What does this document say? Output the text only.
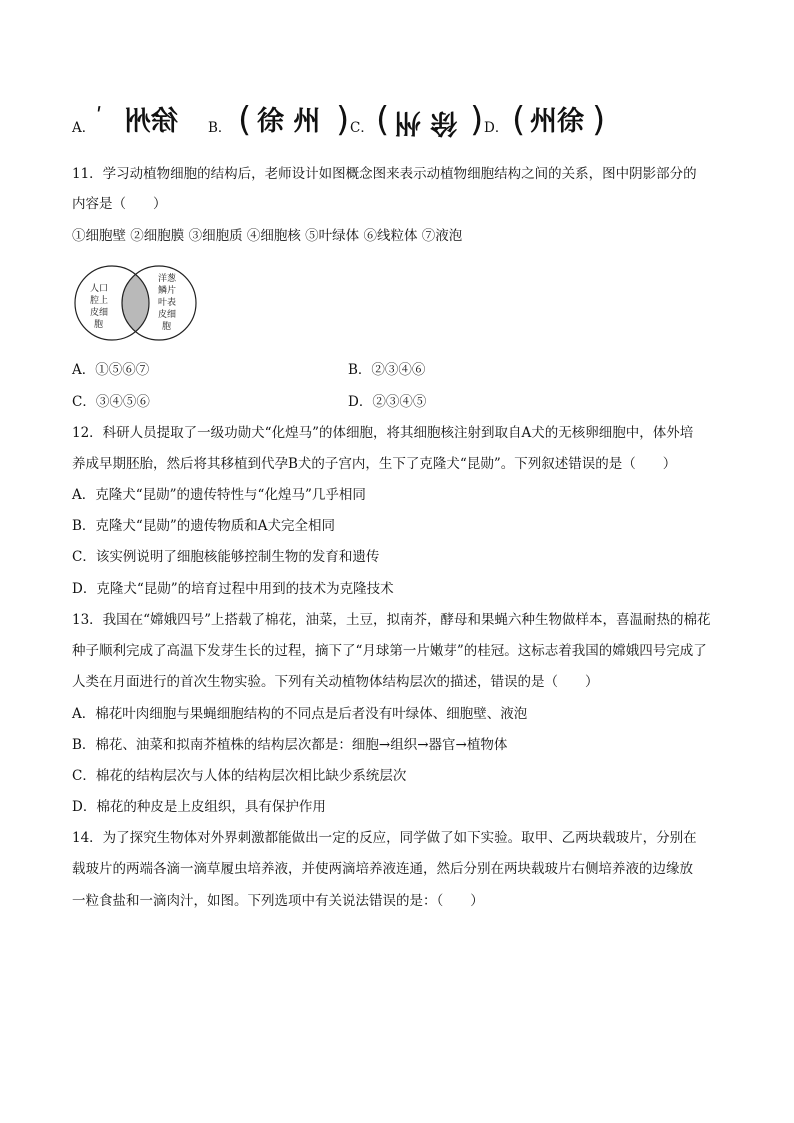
A． ʹ 徐州 B． ( 徐 州 ) C． ( 徐 州 ) D． ( 州徐 )
11．学习动植物细胞的结构后，老师设计如图概念图来表示动植物细胞结构之间的关系，图中阴影部分的
内容是（　　）
①细胞壁 ②细胞膜 ③细胞质 ④细胞核 ⑤叶绿体 ⑥线粒体 ⑦液泡
人口
腔上
皮细
胞
洋葱
鳞片
叶表
皮细
胞
A．①⑤⑥⑦	B．②③④⑥
C．③④⑤⑥	D．②③④⑤
12．科研人员提取了一级功勋犬“化煌马”的体细胞，将其细胞核注射到取自A犬的无核卵细胞中，体外培
养成早期胚胎，然后将其移植到代孕B犬的子宫内，生下了克隆犬“昆勋”。下列叙述错误的是（　　）
A．克隆犬“昆勋”的遗传特性与“化煌马”几乎相同
B．克隆犬“昆勋”的遗传物质和A犬完全相同
C．该实例说明了细胞核能够控制生物的发育和遗传
D．克隆犬“昆勋”的培育过程中用到的技术为克隆技术
13．我国在“嫦娥四号”上搭载了棉花，油菜，土豆，拟南芥，酵母和果蝇六种生物做样本，喜温耐热的棉花
种子顺利完成了高温下发芽生长的过程，摘下了“月球第一片嫩芽”的桂冠。这标志着我国的嫦娥四号完成了
人类在月面进行的首次生物实验。下列有关动植物体结构层次的描述，错误的是（　　）
A．棉花叶肉细胞与果蝇细胞结构的不同点是后者没有叶绿体、细胞壁、液泡
B．棉花、油菜和拟南芥植株的结构层次都是：细胞→组织→器官→植物体
C．棉花的结构层次与人体的结构层次相比缺少系统层次
D．棉花的种皮是上皮组织，具有保护作用
14．为了探究生物体对外界刺激都能做出一定的反应，同学做了如下实验。取甲、乙两块载玻片，分别在
载玻片的两端各滴一滴草履虫培养液，并使两滴培养液连通，然后分别在两块载玻片右侧培养液的边缘放
一粒食盐和一滴肉汁，如图。下列选项中有关说法错误的是：（　　）
